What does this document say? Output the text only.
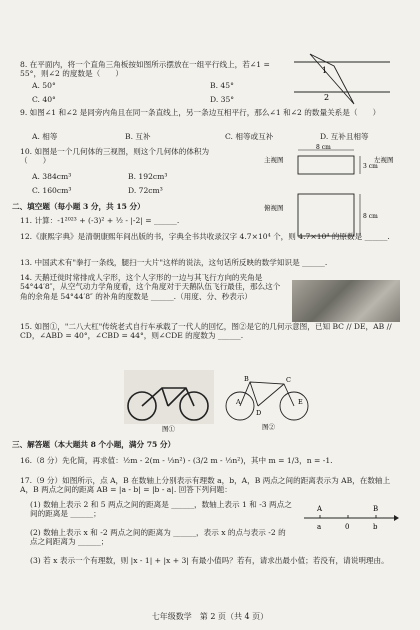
8. 在平面内，将一个直角三角板按如图所示摆放在一组平行线上，若∠1 = 55°，则∠2 的度数是（　　）
A. 50°	B. 45°
C. 40°	D. 35°
1
2
9. 如图∠1 和∠2 是同旁内角且在同一条直线上，另一条边互相平行，那么∠1 和∠2 的数量关系是（　　）
A. 相等	B. 互补	C. 相等或互补	D. 互补且相等
10. 如图是一个几何体的三视图，则这个几何体的体积为（　　）
A. 384cm³	B. 192cm³
C. 160cm³	D. 72cm³
主视图	左视图
俯视图
8 cm
3 cm
8 cm
二、填空题（每小题 3 分，共 15 分）
11. 计算：-1²⁰²³ + (-3)² + ½ - |-2| = ______.
12.《康熙字典》是清朝康熙年间出版的书，字典全书共收录汉字 4.7×10⁴ 个，则 4.7×10⁴ 的原数是 ______.
13. 中国武术有"拳打一条线，腿扫一大片"这样的说法，这句话所反映的数学知识是 ______.
14. 天鹅迁徙时常排成人字形，这个人字形的一边与其飞行方向的夹角是 54°44′8″，从空气动力学角度看，这个角度对于天鹅队伍飞行最佳，那么这个角的余角是 54°44′8″ 的补角的度数是 ______.（用度、分、秒表示）
15. 如图①，"二八大杠"传统老式自行车承载了一代人的回忆，图②是它的几何示意图，已知 BC // DE，AB // CD，∠ABD = 40°，∠CBD = 44°，则∠CDE 的度数为 ______.
图①
B	C
A
D
E
图②
三、解答题（本大题共 8 个小题，满分 75 分）
16.（8 分）先化简，再求值：½m - 2(m - ⅓n²) - (3/2 m - ⅓n²)，其中 m = 1/3，n = -1.
17.（9 分）如图所示，点 A，B 在数轴上分别表示有理数 a，b，A，B 两点之间的距离表示为 AB，在数轴上 A，B 两点之间的距离 AB = |a - b| = |b - a|. 回答下列问题：
(1) 数轴上表示 2 和 5 两点之间的距离是 ______，数轴上表示 1 和 -3 两点之间的距离是 ______；
(2) 数轴上表示 x 和 -2 两点之间的距离为 ______，表示 x 的点与表示 -2 的点之间距离为 ______；
(3) 若 x 表示一个有理数，则 |x - 1| + |x + 3| 有最小值吗？若有，请求出最小值；若没有，请说明理由。
A	B
a	0	b
七年级数学　第 2 页（共 4 页）
